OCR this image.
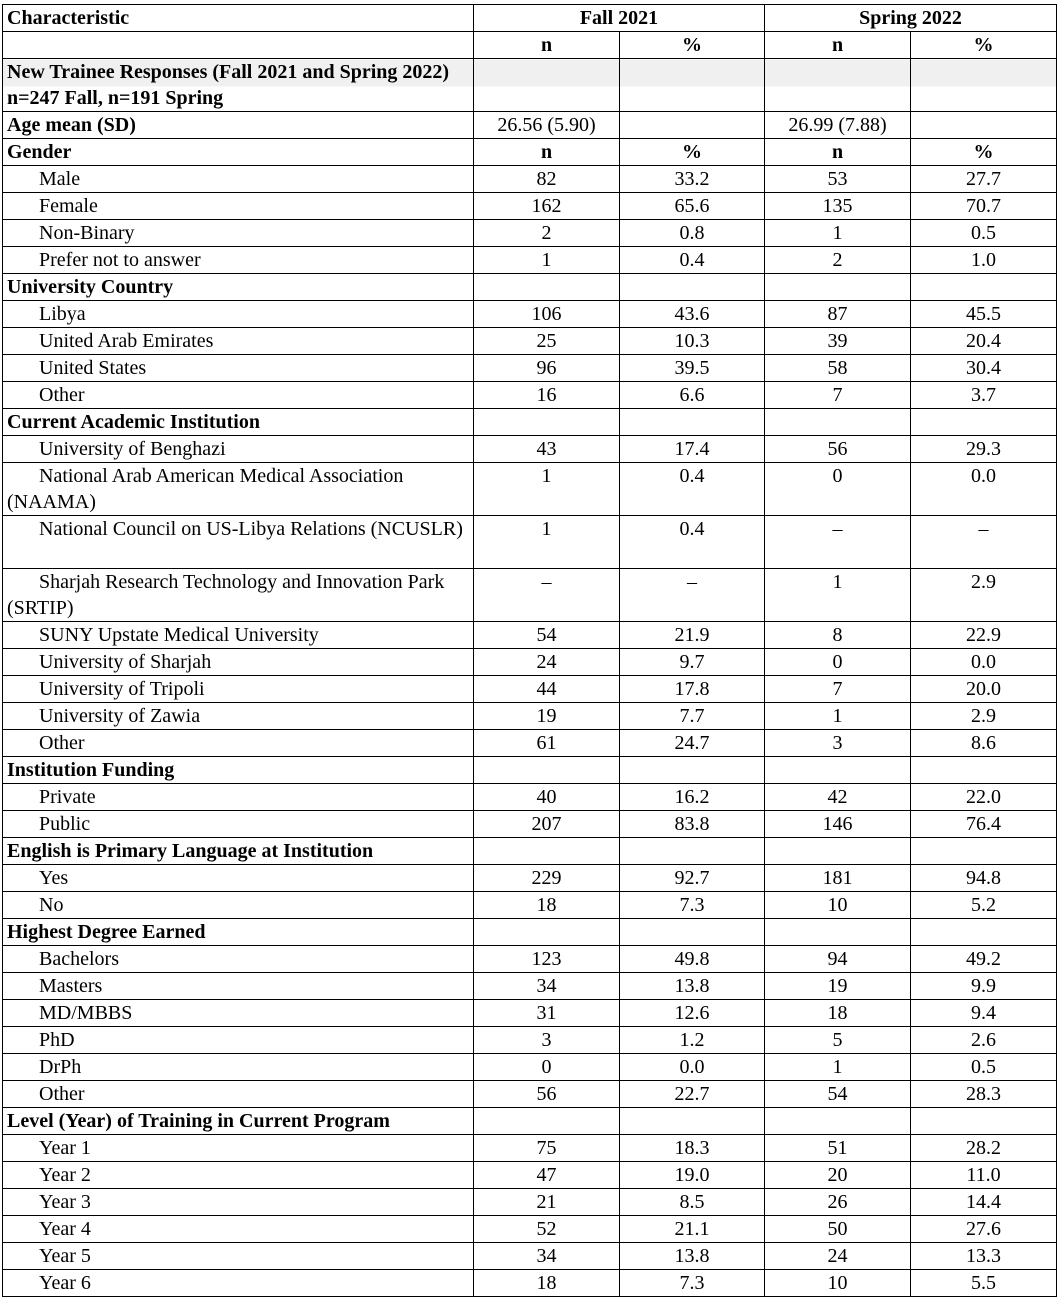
Characteristic	Fall 2021		Spring 2022	
	n	%	n	%
New Trainee Responses (Fall 2021 and Spring 2022) n=247 Fall, n=191 Spring				
Age mean (SD)	26.56 (5.90)		26.99 (7.88)	
Gender	n	%	n	%
Male	82	33.2	53	27.7
Female	162	65.6	135	70.7
Non-Binary	2	0.8	1	0.5
Prefer not to answer	1	0.4	2	1.0
University Country				
Libya	106	43.6	87	45.5
United Arab Emirates	25	10.3	39	20.4
United States	96	39.5	58	30.4
Other	16	6.6	7	3.7
Current Academic Institution				
University of Benghazi	43	17.4	56	29.3
National Arab American Medical Association (NAAMA)	1	0.4	0	0.0
National Council on US-Libya Relations (NCUSLR)	1	0.4	–	–
Sharjah Research Technology and Innovation Park (SRTIP)	–	–	1	2.9
SUNY Upstate Medical University	54	21.9	8	22.9
University of Sharjah	24	9.7	0	0.0
University of Tripoli	44	17.8	7	20.0
University of Zawia	19	7.7	1	2.9
Other	61	24.7	3	8.6
Institution Funding				
Private	40	16.2	42	22.0
Public	207	83.8	146	76.4
English is Primary Language at Institution				
Yes	229	92.7	181	94.8
No	18	7.3	10	5.2
Highest Degree Earned				
Bachelors	123	49.8	94	49.2
Masters	34	13.8	19	9.9
MD/MBBS	31	12.6	18	9.4
PhD	3	1.2	5	2.6
DrPh	0	0.0	1	0.5
Other	56	22.7	54	28.3
Level (Year) of Training in Current Program				
Year 1	75	18.3	51	28.2
Year 2	47	19.0	20	11.0
Year 3	21	8.5	26	14.4
Year 4	52	21.1	50	27.6
Year 5	34	13.8	24	13.3
Year 6	18	7.3	10	5.5
